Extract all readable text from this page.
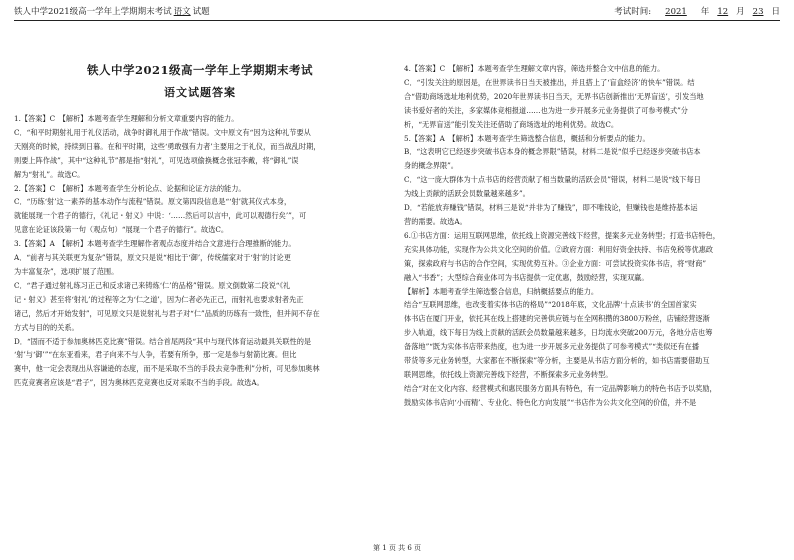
铁人中学2021级高一学年上学期期末考试 语文 试题	考试时间: 2021 年 12 月 23 日
铁人中学2021级高一学年上学期期末考试
语文试题答案

1.【答案】C　【解析】本题考查学生理解和分析文章重要内容的能力。

C．“和平时期射礼用于礼仪活动，战争时御礼用于作战”错误。文中原文有“因为这种礼节要从

天刚亮的时候，持续到日暮。在和平时期，这些‘勇敢强有力者’主要用之于礼仪，而当战乱时期，

则要上阵作战”，其中“这种礼节”都是指“射礼”，可见选项偷换概念张冠李戴，将“御礼”误

解为“射礼”。故选C。

2.【答案】C　【解析】本题考查学生分析论点、论据和论证方法的能力。

C．“历练‘射’这一素养的基本动作与流程”错误。原文第四段信息是“‘射’就其仪式本身，

就能展现一个君子的德行，《礼记・射义》中说：‘……然后可以言中，此可以观德行矣’”，可

见意在论证该段第一句（观点句）“展现一个君子的德行”。故选C。

3.【答案】A　【解析】本题考查学生理解作者观点态度并结合文意进行合理推断的能力。

A．“前者与其关联更为复杂”错误，原文只是说“相比于‘御’，传统儒家对于‘射’的讨论更

为丰富复杂”，选项扩展了范围。

C．“君子通过射礼练习正己和反求诸己来铸炼‘仁’的品格”错误。原文倒数第二段说“《礼

记・射义》甚至将‘射礼’的过程等之为‘仁之道’，因为仁者必先正己，而射礼也要求射者先正

诸己，然后才开始发射”，可见原文只是说射礼与君子对“仁”品质的历练有一致性，但并间不存在

方式与目的的关系。

D．“固而不适于参加奥林匹克比赛”错误。结合首尾两段“其中与现代体育运动最具关联性的是

‘射’与‘御’”“在东亚看来，君子向来不与人争，若要有所争，那一定是参与射箭比赛。但比

赛中，他一定会表现出从容谦逊的态度，而不是采取不当的手段去竞争胜利”分析，可见参加奥林

匹克竞赛者应该是“君子”，因为奥林匹克竞赛也反对采取不当的手段。故选A。

4.【答案】C　【解析】本题考查学生理解文章内容，筛选并整合文中信息的能力。

C．“引发关注的原因是，在世界读书日当天被推出，并且搭上了‘盲盒经济’的快车”错误。结

合“借助商场选址地利优势，2020年世界读书日当天，无界书店创新推出‘无界盲送’，引发当地

读书爱好者的关注，多家媒体竞相报道……也为进一步开展多元业务提供了可参考模式”分

析，“无界盲送”能引发关注还借助了商场选址的地利优势。故选C。

5.【答案】A　【解析】本题考查学生筛选整合信息，概括和分析要点的能力。

B．“这表明它已经逐步突破书店本身的概念界限”错误，材料二是说“似乎已经逐步突破书店本

身的概念界限”。

C．“这一庞大群体为十点书店的经营贡献了相当数量的活跃会员”错误，材料二是说“线下每日

为线上贡献的活跃会员数量越来越多”。

D．“若能放弃赚钱”错误，材料三是说“并非为了赚钱”，即不唯钱论，但赚钱也是维持基本运

营的需要。故选A。

6.①书店方面：运用互联网思维，依托线上资源完善线下经营，提案多元业务转型；打造书店特色，

充实具体功能，实现作为公共文化空间的价值。②政府方面：利用好资金扶持、书店免税等优惠政

策，探索政府与书店的合作空间，实现优势互补。③企业方面：可尝试投资实体书店，将“财商”

融入“书香”；大型综合商业体可为书店提供一定优惠，鼓励经营，实现双赢。

【解析】本题考查学生筛选整合信息，归纳概括要点的能力。

结合“互联网思维，也改变着实体书店的格局”“2018年底，文化品牌‘十点读书’的全国首家实

体书店在厦门开业，依托其在线上搭建的完善供应链与在全网积攒的3800万粉丝，店铺经营逐渐

步入轨道，线下每日为线上贡献的活跃会员数量越来越多，日均流水突破200万元，各地分店也筹

备落地”“既为实体书店带来热度，也为进一步开展多元业务提供了可参考模式”“类似还有在播

带货等多元业务转型，大家都在不断探索”等分析，主要是从书店方面分析的，如书店需要借助互

联网思维，依托线上资源完善线下经营，不断探索多元业务转型。

结合“对在文化内容、经营模式和惠民服务方面具有特色，有一定品牌影响力的特色书店予以奖励，

鼓励实体书店向‘小而精’、专业化、特色化方向发展”“书店作为公共文化空间的价值，并不是

第 1 页 共 6 页
